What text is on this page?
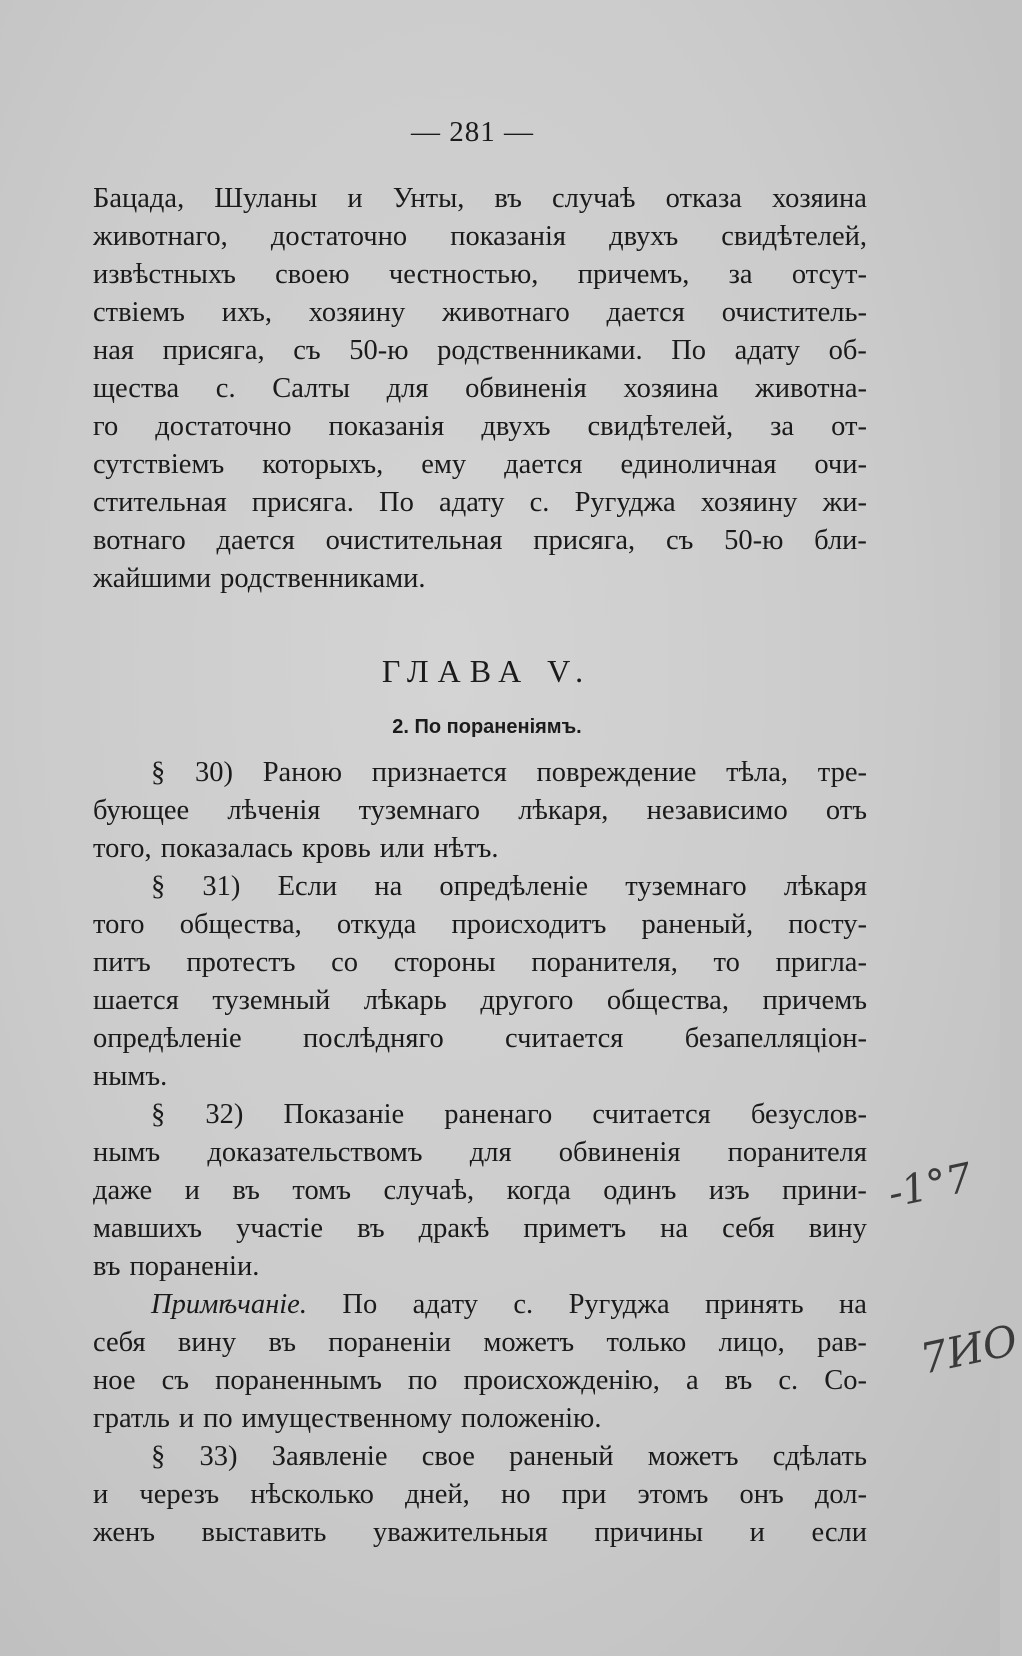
— 281 —
Бацада, Шуланы и Унты, въ случаѣ отказа хозяина
животнаго, достаточно показанія двухъ свидѣтелей,
извѣстныхъ своею честностью, причемъ, за отсут-
ствіемъ ихъ, хозяину животнаго дается очиститель-
ная присяга, съ 50-ю родственниками. По адату об-
щества с. Салты для обвиненія хозяина животна-
го достаточно показанія двухъ свидѣтелей, за от-
сутствіемъ которыхъ, ему дается единоличная очи-
стительная присяга. По адату с. Ругуджа хозяину жи-
вотнаго дается очистительная присяга, съ 50-ю бли-
жайшими родственниками.
ГЛАВА V.
2. По пораненіямъ.
§ 30) Раною признается повреждение тѣла, тре-
бующее лѣченія туземнаго лѣкаря, независимо отъ
того, показалась кровь или нѣтъ.
§ 31) Если на опредѣленіе туземнаго лѣкаря
того общества, откуда происходитъ раненый, посту-
питъ протестъ со стороны поранителя, то пригла-
шается туземный лѣкарь другого общества, причемъ
опредѣленіе послѣдняго считается безапелляціон-
нымъ.
§ 32) Показаніе раненаго считается безуслов-
нымъ доказательствомъ для обвиненія поранителя
даже и въ томъ случаѣ, когда одинъ изъ прини-
мавшихъ участіе въ дракѣ приметъ на себя вину
въ пораненіи.
Примѣчаніе. По адату с. Ругуджа принять на
себя вину въ пораненіи можетъ только лицо, рав-
ное съ пораненнымъ по происхожденію, а въ с. Со-
гратль и по имущественному положенію.
§ 33) Заявленіе свое раненый можетъ сдѣлать
и черезъ нѣсколько дней, но при этомъ онъ дол-
женъ выставить уважительныя причины и если
-1°7
7ИО
